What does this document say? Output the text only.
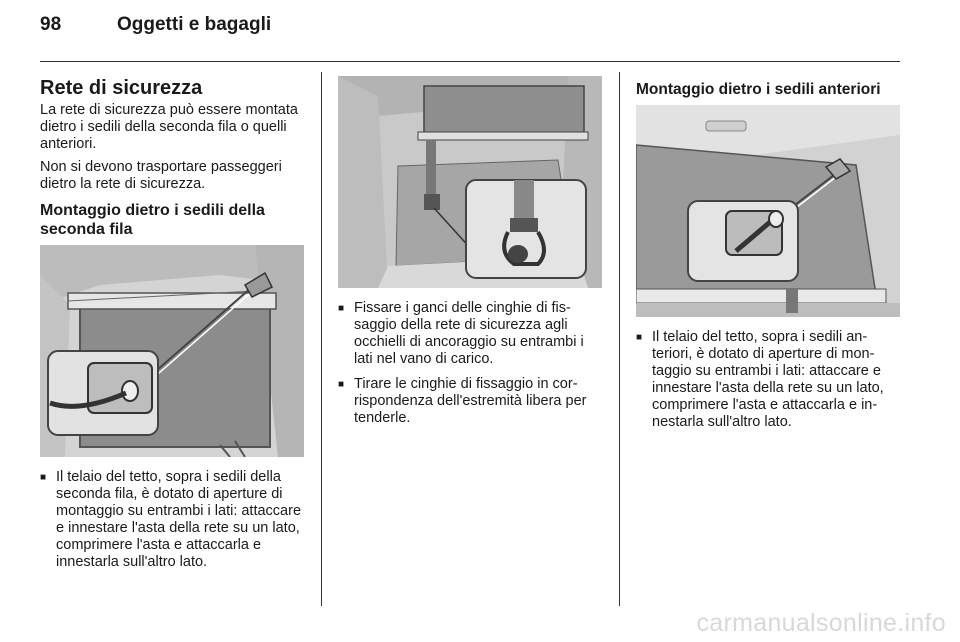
98	Oggetti e bagagli
Rete di sicurezza

La rete di sicurezza può essere montata dietro i sedili della seconda fila o quelli anteriori.

Non si devono trasportare passeggeri dietro la rete di sicurezza.

Montaggio dietro i sedili della seconda fila
■ Il telaio del tetto, sopra i sedili della seconda fila, è dotato di aperture di montaggio su entrambi i lati: attaccare e innestare l'asta della rete su un lato, comprimere l'asta e attaccarla e innestarla sull'altro lato.
■ Fissare i ganci delle cinghie di fissaggio della rete di sicurezza agli occhielli di ancoraggio su entrambi i lati nel vano di carico.
■ Tirare le cinghie di fissaggio in corrispondenza dell'estremità libera per tenderle.
Montaggio dietro i sedili anteriori
■ Il telaio del tetto, sopra i sedili anteriori, è dotato di aperture di montaggio su entrambi i lati: attaccare e innestare l'asta della rete su un lato, comprimere l'asta e attaccarla e innestarla sull'altro lato.
carmanualsonline.info
